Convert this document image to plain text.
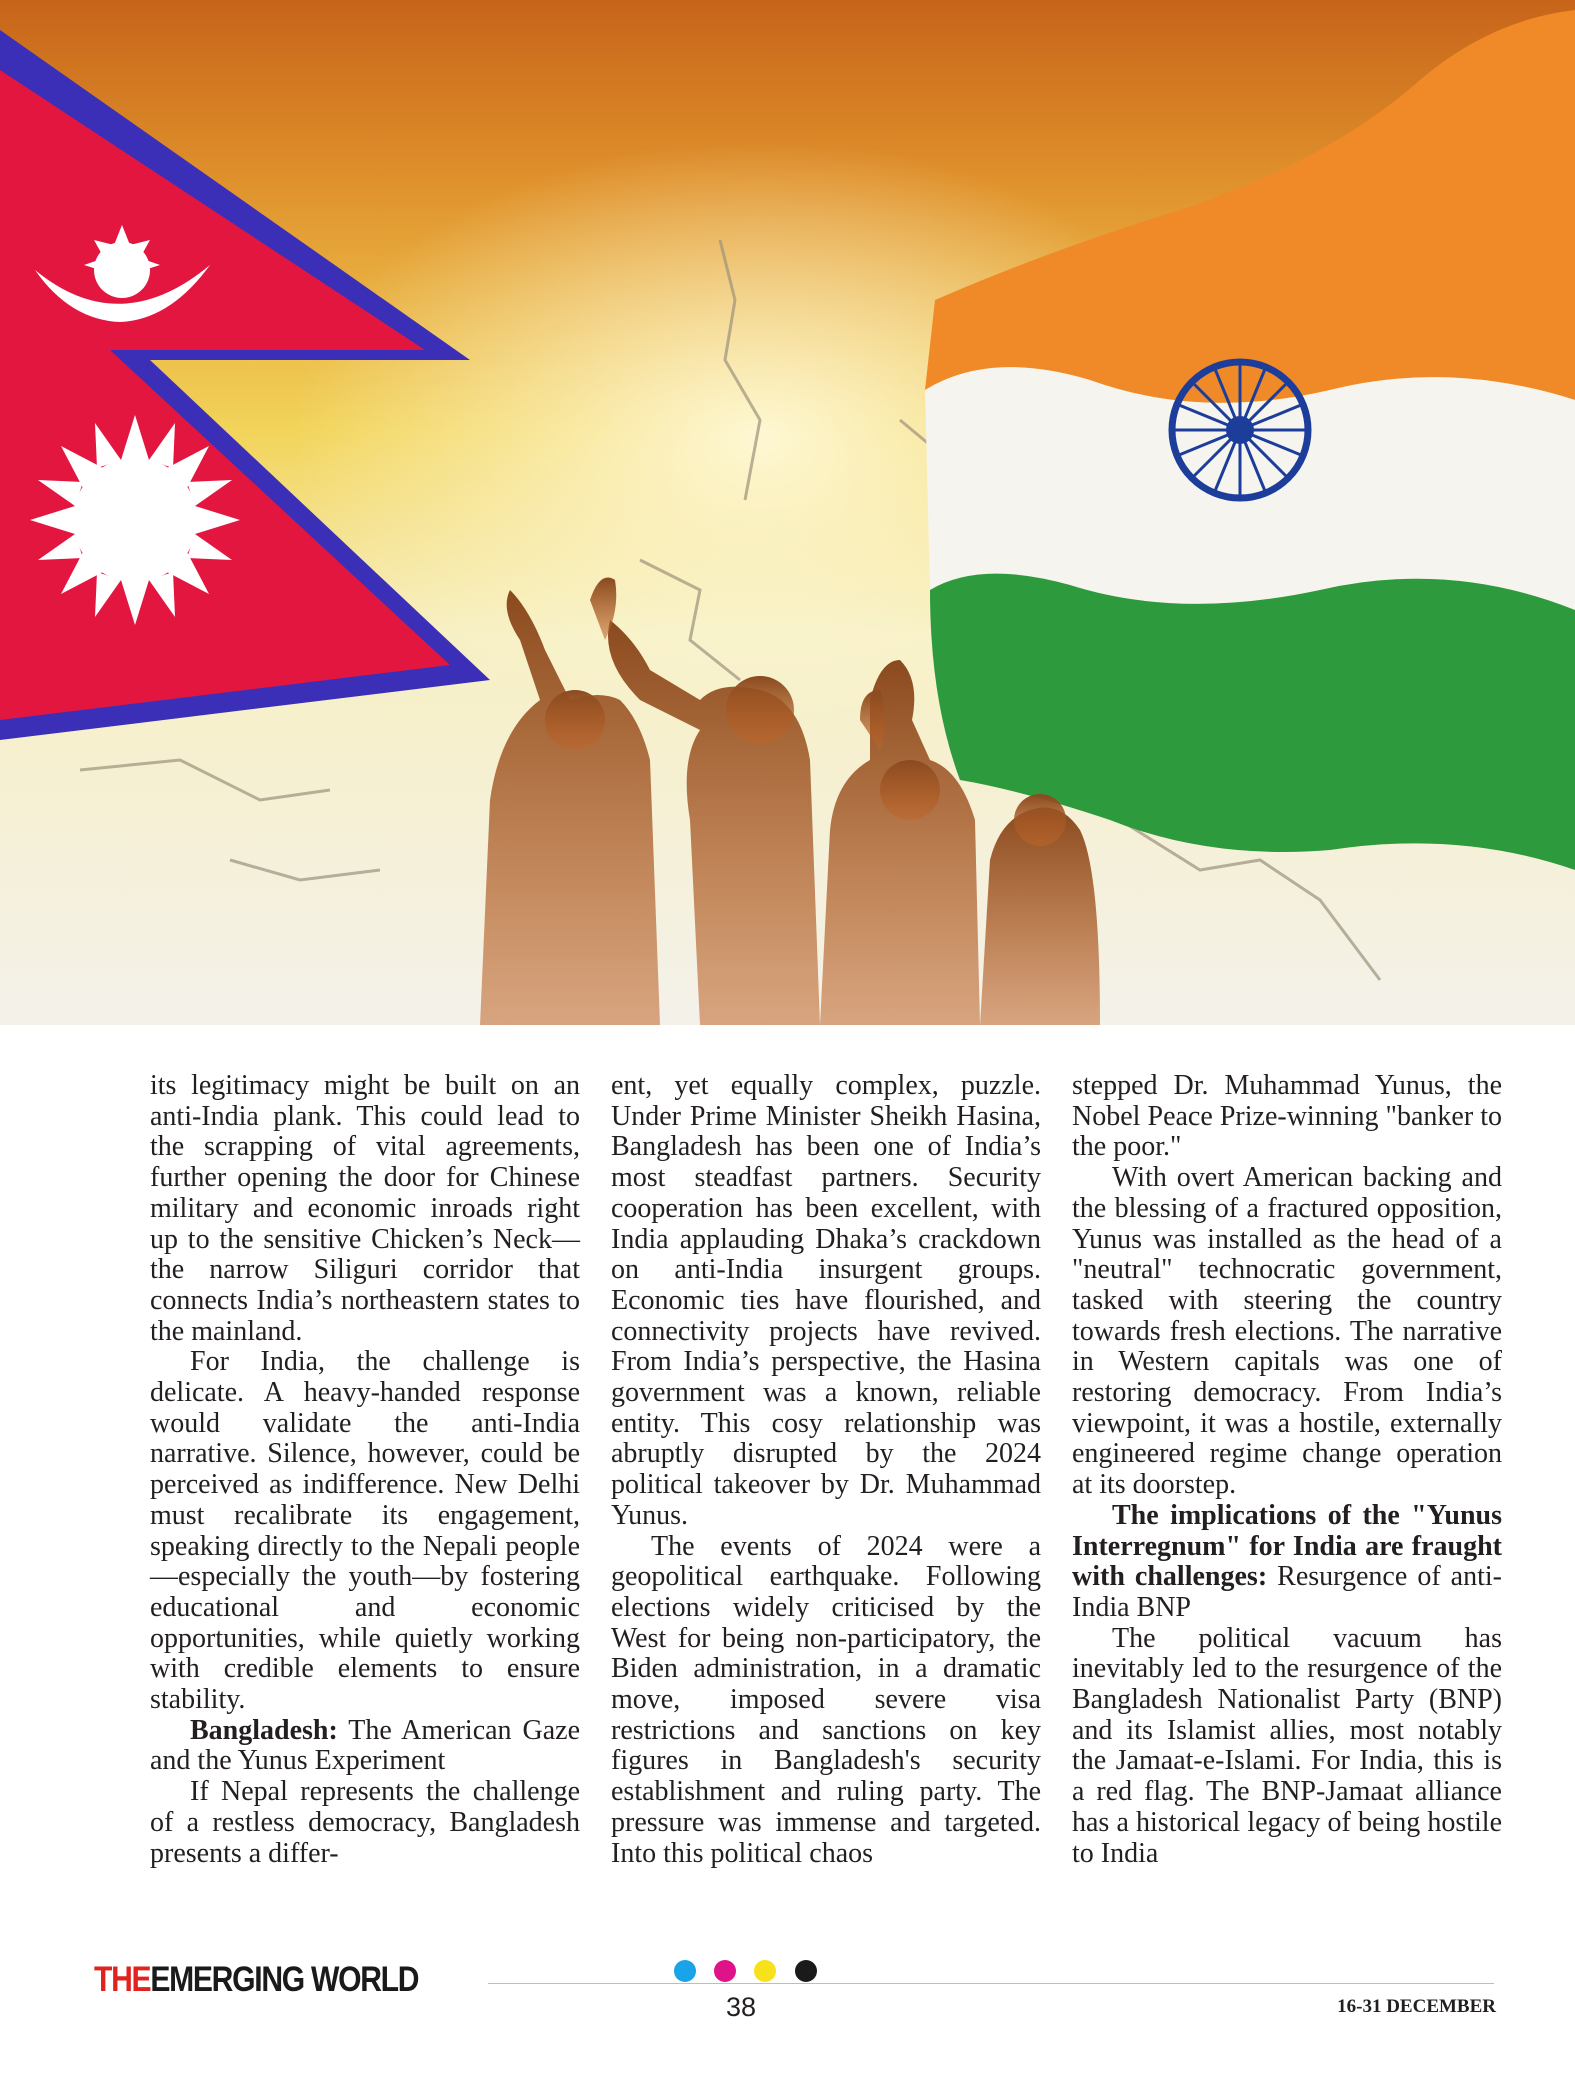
its legitimacy might be built on an anti-India plank. This could lead to the scrapping of vital agreements, further opening the door for Chinese military and economic inroads right up to the sensitive Chicken’s Neck—the narrow Siliguri corridor that connects India’s northeastern states to the mainland.

For India, the challenge is delicate. A heavy-handed response would validate the anti-India narrative. Silence, however, could be perceived as indifference. New Delhi must recalibrate its engagement, speaking directly to the Nepali people—especially the youth—by fostering educational and economic opportunities, while quietly working with credible elements to ensure stability.

Bangladesh: The American Gaze and the Yunus Experiment

If Nepal represents the challenge of a restless democracy, Bangladesh presents a differ-

ent, yet equally complex, puzzle. Under Prime Minister Sheikh Hasina, Bangladesh has been one of India’s most steadfast partners. Security cooperation has been excellent, with India applauding Dhaka’s crackdown on anti-India insurgent groups. Economic ties have flourished, and connectivity projects have revived. From India’s perspective, the Hasina government was a known, reliable entity. This cosy relationship was abruptly disrupted by the 2024 political takeover by Dr. Muhammad Yunus.

The events of 2024 were a geopolitical earthquake. Following elections widely criticised by the West for being non-participatory, the Biden administration, in a dramatic move, imposed severe visa restrictions and sanctions on key figures in Bangladesh's security establishment and ruling party. The pressure was immense and targeted. Into this political chaos

stepped Dr. Muhammad Yunus, the Nobel Peace Prize-winning "banker to the poor."

With overt American backing and the blessing of a fractured opposition, Yunus was installed as the head of a "neutral" technocratic government, tasked with steering the country towards fresh elections. The narrative in Western capitals was one of restoring democracy. From India’s viewpoint, it was a hostile, externally engineered regime change operation at its doorstep.

The implications of the "Yunus Interregnum" for India are fraught with challenges: Resurgence of anti-India BNP

The political vacuum has inevitably led to the resurgence of the Bangladesh Nationalist Party (BNP) and its Islamist allies, most notably the Jamaat-e-Islami. For India, this is a red flag. The BNP-Jamaat alliance has a historical legacy of being hostile to India

THEEMERGING WORLD
38	16-31 DECEMBER
